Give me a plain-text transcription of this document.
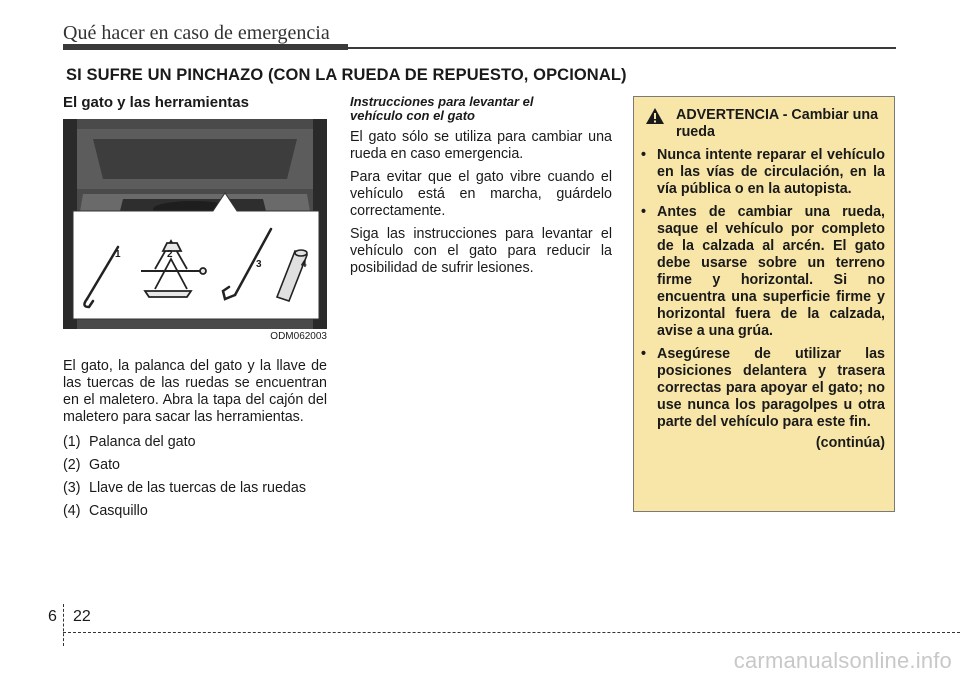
Qué hacer en caso de emergencia
SI SUFRE UN PINCHAZO (CON LA RUEDA DE REPUESTO, OPCIONAL)
El gato y las herramientas
1	2
3	4
ODM062003

El gato, la palanca del gato y la llave de las tuercas de las ruedas se encuentran en el maletero. Abra la tapa del cajón del maletero para sacar las herramientas.

(1) Palanca del gato
(2) Gato
(3) Llave de las tuercas de las ruedas
(4) Casquillo
Instrucciones para levantar el vehículo con el gato

El gato sólo se utiliza para cambiar una rueda en caso emergencia.

Para evitar que el gato vibre cuando el vehículo está en marcha, guárdelo correctamente.

Siga las instrucciones para levantar el vehículo con el gato para reducir la posibilidad de sufrir lesiones.

ADVERTENCIA - Cambiar una rueda
• Nunca intente reparar el vehículo en las vías de circulación, en la vía pública o en la autopista.
• Antes de cambiar una rueda, saque el vehículo por completo de la calzada al arcén. El gato debe usarse sobre un terreno firme y horizontal. Si no encuentra una superficie firme y horizontal fuera de la calzada, avise a una grúa.
• Asegúrese de utilizar las posiciones delantera y trasera correctas para apoyar el gato; no use nunca los paragolpes u otra parte del vehículo para este fin.
(continúa)
6 22
carmanualsonline.info
